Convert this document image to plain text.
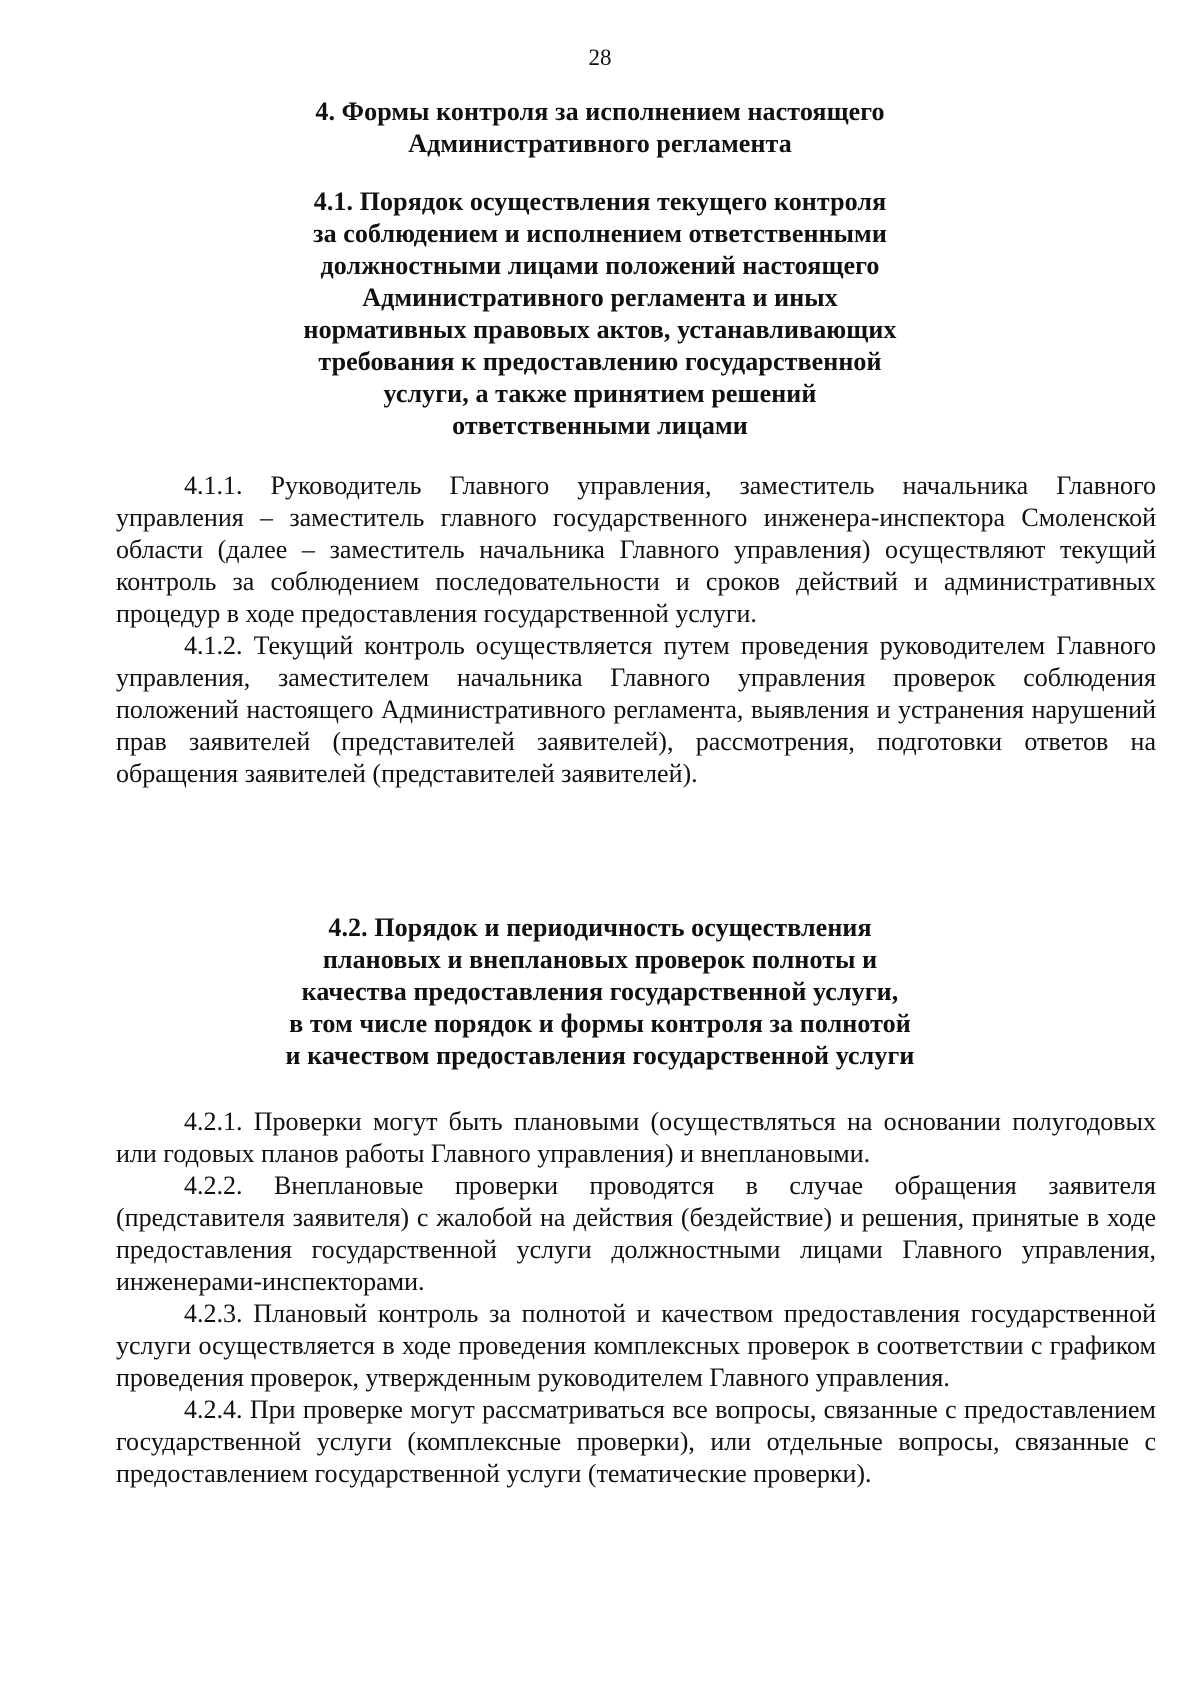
28
4. Формы контроля за исполнением настоящего
Административного регламента
4.1. Порядок осуществления текущего контроля
за соблюдением и исполнением ответственными
должностными лицами положений настоящего
Административного регламента и иных
нормативных правовых актов, устанавливающих
требования к предоставлению государственной
услуги, а также принятием решений
ответственными лицами

4.1.1. Руководитель Главного управления, заместитель начальника Главного управления – заместитель главного государственного инженера-инспектора Смоленской области (далее – заместитель начальника Главного управления) осуществляют текущий контроль за соблюдением последовательности и сроков действий и административных процедур в ходе предоставления государственной услуги.

4.1.2. Текущий контроль осуществляется путем проведения руководителем Главного управления, заместителем начальника Главного управления проверок соблюдения положений настоящего Административного регламента, выявления и устранения нарушений прав заявителей (представителей заявителей), рассмотрения, подготовки ответов на обращения заявителей (представителей заявителей).

4.2. Порядок и периодичность осуществления
плановых и внеплановых проверок полноты и
качества предоставления государственной услуги,
в том числе порядок и формы контроля за полнотой
и качеством предоставления государственной услуги

4.2.1. Проверки могут быть плановыми (осуществляться на основании полугодовых или годовых планов работы Главного управления) и внеплановыми.

4.2.2. Внеплановые проверки проводятся в случае обращения заявителя (представителя заявителя) с жалобой на действия (бездействие) и решения, принятые в ходе предоставления государственной услуги должностными лицами Главного управления, инженерами-инспекторами.

4.2.3. Плановый контроль за полнотой и качеством предоставления государственной услуги осуществляется в ходе проведения комплексных проверок в соответствии с графиком проведения проверок, утвержденным руководителем Главного управления.

4.2.4. При проверке могут рассматриваться все вопросы, связанные с предоставлением государственной услуги (комплексные проверки), или отдельные вопросы, связанные с предоставлением государственной услуги (тематические проверки).
